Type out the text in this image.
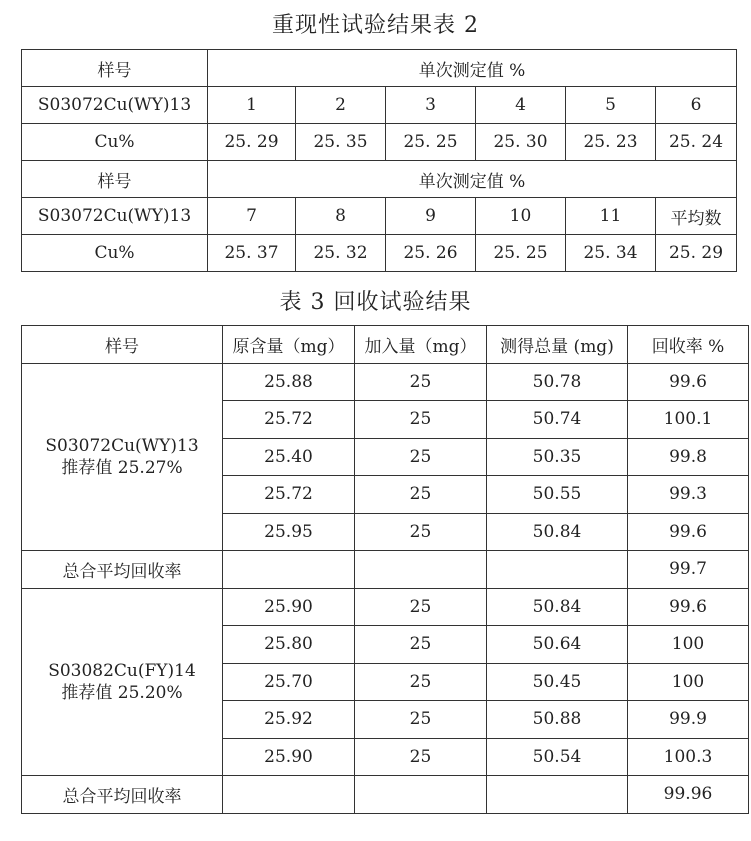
重现性试验结果表 2
样号	单次测定值 %					
S03072Cu(WY)13	1	2	3	4	5	6
Cu%	25. 29	25. 35	25. 25	25. 30	25. 23	25. 24
样号	单次测定值 %					
S03072Cu(WY)13	7	8	9	10	11	平均数
Cu%	25. 37	25. 32	25. 26	25. 25	25. 34	25. 29
表 3 回收试验结果
样号	原含量（mg）	加入量（mg）	测得总量 (mg)	回收率 %
S03072Cu(WY)13
推荐值 25.27%	25.88	25	50.78	99.6
	25.72	25	50.74	100.1
	25.40	25	50.35	99.8
	25.72	25	50.55	99.3
	25.95	25	50.84	99.6
总合平均回收率				99.7
S03082Cu(FY)14
推荐值 25.20%	25.90	25	50.84	99.6
	25.80	25	50.64	100
	25.70	25	50.45	100
	25.92	25	50.88	99.9
	25.90	25	50.54	100.3
总合平均回收率				99.96
